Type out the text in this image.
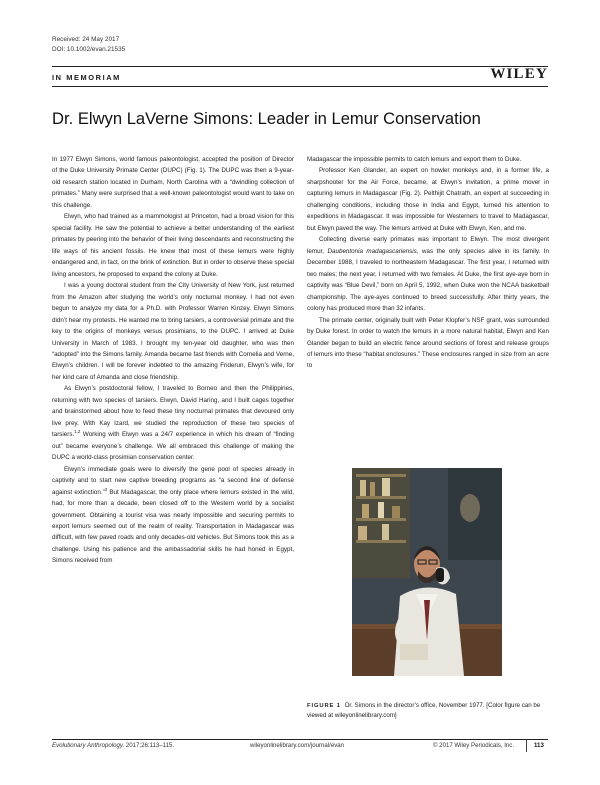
Received: 24 May 2017
DOI: 10.1002/evan.21535
IN MEMORIAM	WILEY
Dr. Elwyn LaVerne Simons: Leader in Lemur Conservation

In 1977 Elwyn Simons, world famous paleontologist, accepted the position of Director of the Duke University Primate Center (DUPC) (Fig. 1). The DUPC was then a 9-year-old research station located in Durham, North Carolina with a “dwindling collection of primates.” Many were surprised that a well-known paleontologist would want to take on this challenge.

Elwyn, who had trained as a mammologist at Princeton, had a broad vision for this special facility. He saw the potential to achieve a better understanding of the earliest primates by peering into the behavior of their living descendants and reconstructing the life ways of his ancient fossils. He knew that most of these lemurs were highly endangered and, in fact, on the brink of extinction. But in order to observe these special living ancestors, he proposed to expand the colony at Duke.

I was a young doctoral student from the City University of New York, just returned from the Amazon after studying the world’s only nocturnal monkey. I had not even begun to analyze my data for a Ph.D. with Professor Warren Kinzey. Elwyn Simons didn’t hear my protests. He wanted me to bring tarsiers, a controversial primate and the key to the origins of monkeys versus prosimians, to the DUPC. I arrived at Duke University in March of 1983. I brought my ten-year old daughter, who was then “adopted” into the Simons family. Amanda became fast friends with Cornelia and Verne, Elwyn’s children. I will be forever indebted to the amazing Friderun, Elwyn’s wife, for her kind care of Amanda and close friendship.

As Elwyn’s postdoctoral fellow, I traveled to Borneo and then the Philippines, returning with two species of tarsiers. Elwyn, David Haring, and I built cages together and brainstormed about how to feed these tiny nocturnal primates that devoured only live prey. With Kay Izard, we studied the reproduction of these two species of tarsiers.$^{1,2}$ Working with Elwyn was a 24/7 experience in which his dream of “finding out” became everyone’s challenge. We all embraced this challenge of making the DUPC a world-class prosimian conservation center.

Elwyn’s immediate goals were to diversify the gene pool of species already in captivity and to start new captive breeding programs as “a second line of defense against extinction.”$^3$ But Madagascar, the only place where lemurs existed in the wild, had, for more than a decade, been closed off to the Western world by a socialist government. Obtaining a tourist visa was nearly impossible and securing permits to export lemurs seemed out of the realm of reality. Transportation in Madagascar was difficult, with few paved roads and only decades-old vehicles. But Simons took this as a challenge. Using his patience and the ambassadorial skills he had honed in Egypt, Simons received from

Madagascar the impossible permits to catch lemurs and export them to Duke.

Professor Ken Glander, an expert on howler monkeys and, in a former life, a sharpshooter for the Air Force, became, at Elwyn’s invitation, a prime mover in capturing lemurs in Madagascar (Fig. 2). Pelthijit Chatrath, an expert at succeeding in challenging conditions, including those in India and Egypt, turned his attention to expeditions in Madagascar. It was impossible for Westerners to travel to Madagascar, but Elwyn paved the way. The lemurs arrived at Duke with Elwyn, Ken, and me.

Collecting diverse early primates was important to Elwyn. The most divergent lemur, Daubentonia madagascariensis, was the only species alive in its family. In December 1988, I traveled to northeastern Madagascar. The first year, I returned with two males; the next year, I returned with two females. At Duke, the first aye-aye born in captivity was “Blue Devil,” born on April 5, 1992, when Duke won the NCAA basketball championship. The aye-ayes continued to breed successfully. After thirty years, the colony has produced more than 32 infants.

The primate center, originally built with Peter Klopfer’s NSF grant, was surrounded by Duke forest. In order to watch the lemurs in a more natural habitat, Elwyn and Ken Glander began to build an electric fence around sections of forest and release groups of lemurs into these “habitat enclosures.” These enclosures ranged in size from an acre to

FIGURE 1 Dr. Simons in the director’s office, November 1977. [Color figure can be viewed at wileyonlinelibrary.com]
Evolutionary Anthropology. 2017;26:113–115.	wileyonlinelibrary.com/journal/evan	© 2017 Wiley Periodicals, Inc.	113
